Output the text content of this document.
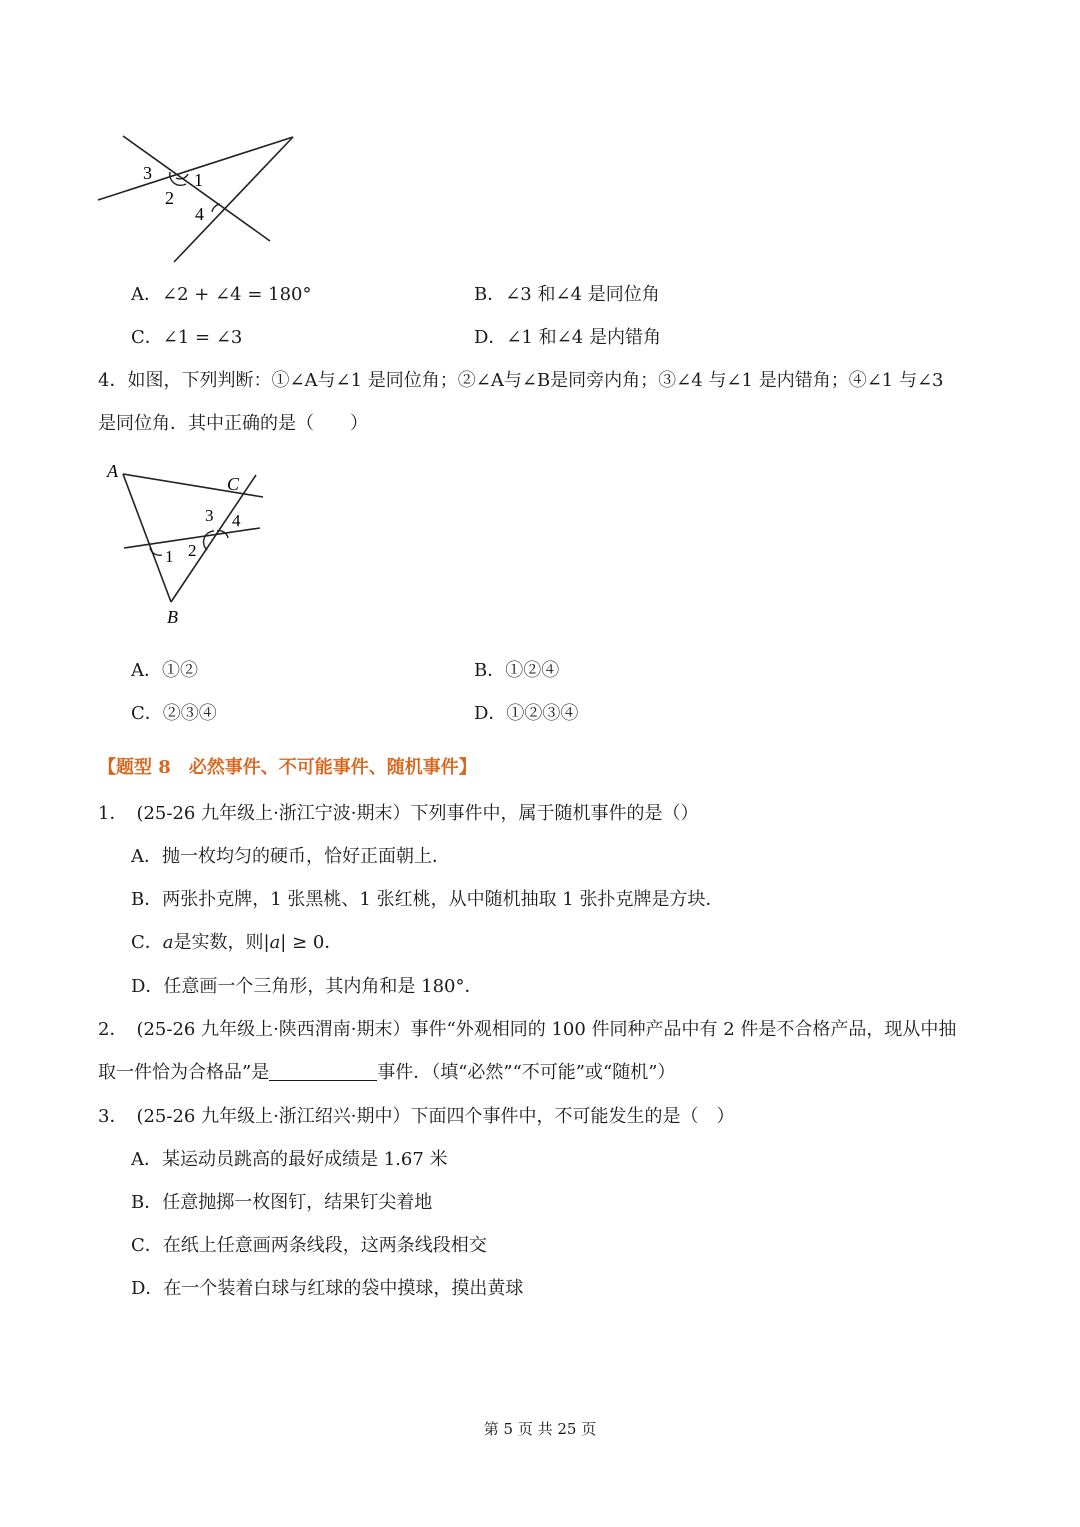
3 1
2
4
A．∠2 + ∠4 = 180°	B．∠3 和∠4 是同位角
C．∠1 = ∠3	D．∠1 和∠4 是内错角
4．如图，下列判断：①∠A与∠1 是同位角；②∠A与∠B是同旁内角；③∠4 与∠1 是内错角；④∠1 与∠3
是同位角．其中正确的是（　　）
A
C
3 4
1 2
B
A．①②	B．①②④
C．②③④	D．①②③④
【题型 8　必然事件、不可能事件、随机事件】
1．　(25-26 九年级上·浙江宁波·期末）下列事件中，属于随机事件的是（）
A．抛一枚均匀的硬币，恰好正面朝上．
B．两张扑克牌，1 张黑桃、1 张红桃，从中随机抽取 1 张扑克牌是方块．
C．𝑎是实数，则|𝑎| ≥ 0．
D．任意画一个三角形，其内角和是 180°．
2．　(25-26 九年级上·陕西渭南·期末）事件“外观相同的 100 件同种产品中有 2 件是不合格产品，现从中抽
取一件恰为合格品”是	事件．（填“必然”“不可能”或“随机”）
3．　(25-26 九年级上·浙江绍兴·期中）下面四个事件中，不可能发生的是（　）
A．某运动员跳高的最好成绩是 1.67 米
B．任意抛掷一枚图钉，结果钉尖着地
C．在纸上任意画两条线段，这两条线段相交
D．在一个装着白球与红球的袋中摸球，摸出黄球
第 5 页 共 25 页
